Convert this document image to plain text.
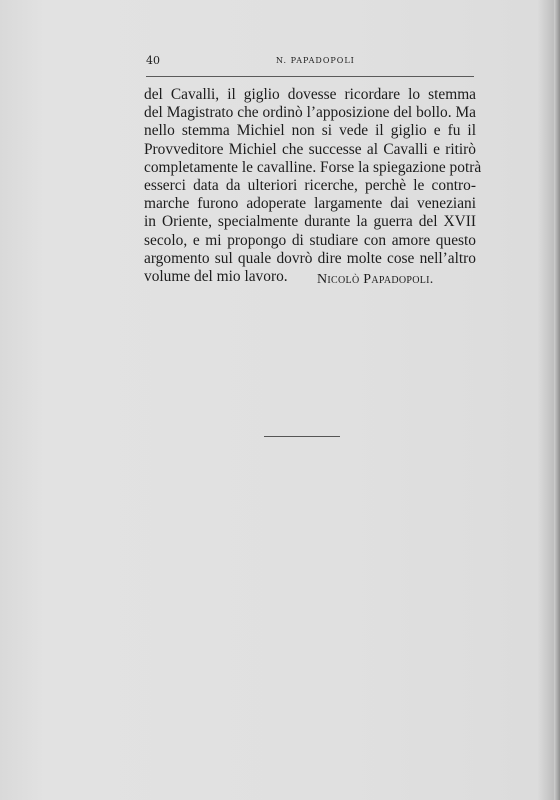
40	N. PAPADOPOLI

del Cavalli, il giglio dovesse ricordare lo stemma
del Magistrato che ordinò l’apposizione del bollo. Ma
nello stemma Michiel non si vede il giglio e fu il
Provveditore Michiel che successe al Cavalli e ritirò
completamente le cavalline. Forse la spiegazione potrà
esserci data da ulteriori ricerche, perchè le contro-
marche furono adoperate largamente dai veneziani
in Oriente, specialmente durante la guerra del XVII
secolo, e mi propongo di studiare con amore questo
argomento sul quale dovrò dire molte cose nell’altro
volume del mio lavoro.	Nicolò Papadopoli.
